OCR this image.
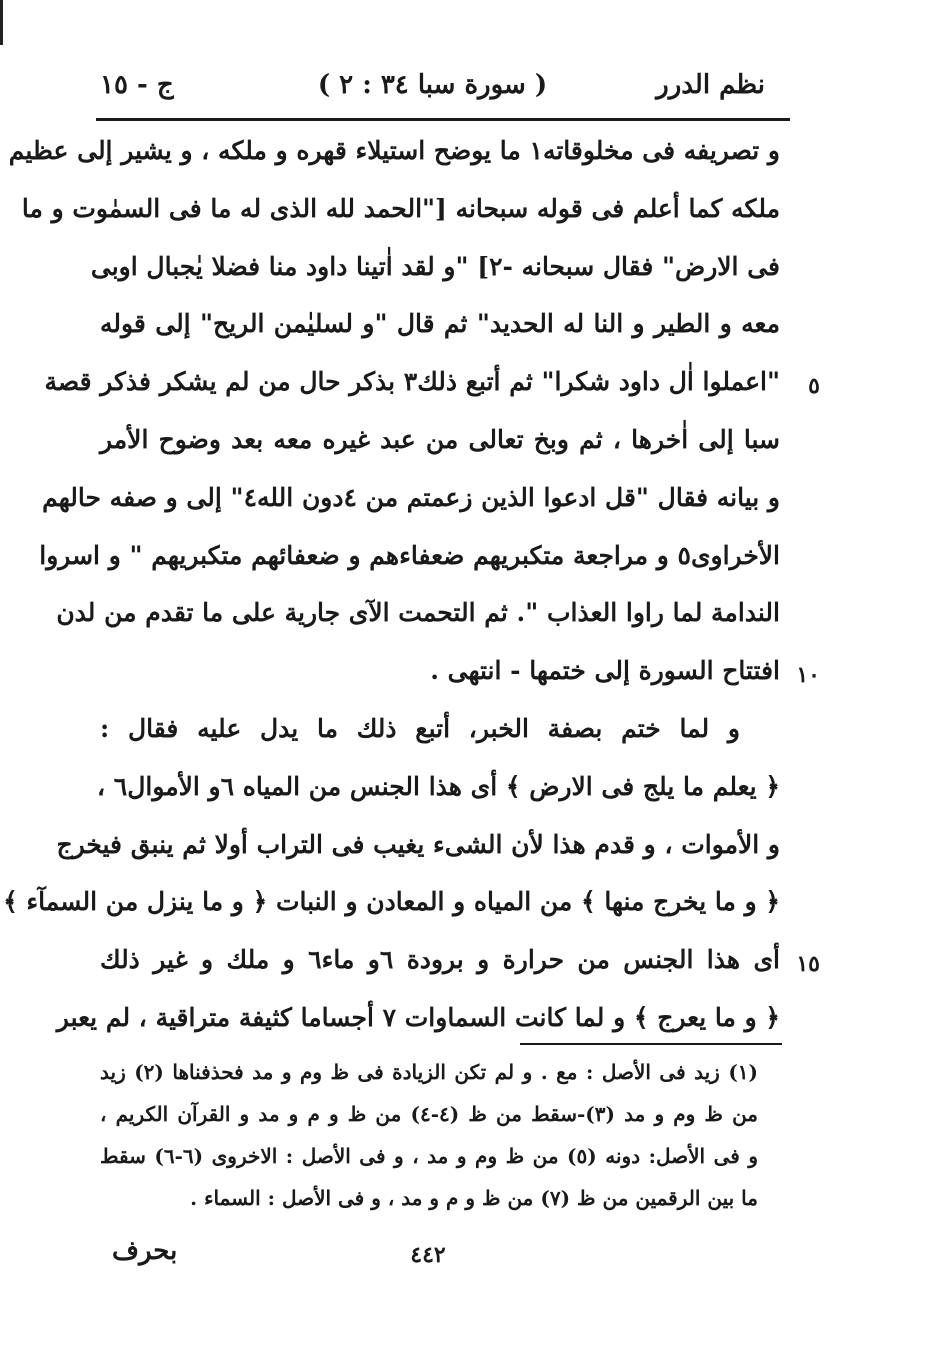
نظم الدرر
( سورة سبا ٣٤ : ٢ )
ج - ١٥
و تصريفه فى مخلوقاته١ ما يوضح استيلاء قهره و ملكه ، و يشير إلى عظيم
ملكه كما أعلم فى قوله سبحانه ["الحمد لله الذى له ما فى السمٰوت و ما
فى الارض" فقال سبحانه -٢] "و لقد اٰتينا داود منا فضلا يٰجبال اوبى
معه و الطير و النا له الحديد" ثم قال "و لسليٰمن الريح" إلى قوله
٥
"اعملوا اٰل داود شكرا" ثم أتبع ذلك٣ بذكر حال من لم يشكر فذكر قصة
سبا إلى اٰخرها ، ثم وبخ تعالى من عبد غيره معه بعد وضوح الأمر
و بيانه فقال "قل ادعوا الذين زعمتم من ٤دون الله٤" إلى و صفه حالهم
الأخراوى٥ و مراجعة متكبريهم ضعفاءهم و ضعفائهم متكبريهم " و اسروا
الندامة لما راوا العذاب ". ثم التحمت الآى جارية على ما تقدم من لدن
١٠
افتتاح السورة إلى ختمها - انتهى .
و لما ختم بصفة الخبر، أتبع ذلك ما يدل عليه فقال :
﴿ يعلم ما يلج فى الارض ﴾ أى هذا الجنس من المياه ٦و الأموال٦ ،
و الأموات ، و قدم هذا لأن الشىء يغيب فى التراب أولا ثم ينبق فيخرج
﴿ و ما يخرج منها ﴾ من المياه و المعادن و النبات ﴿ و ما ينزل من السمآء ﴾
١٥
أى هذا الجنس من حرارة و برودة ٦و ماء٦ و ملك و غير ذلك
﴿ و ما يعرج ﴾ و لما كانت السماوات ٧ أجساما كثيفة متراقية ، لم يعبر
(١) زيد فى الأصل : مع . و لم تكن الزيادة فى ظ وم و مد فحذفناها (٢) زيد
من ظ وم و مد (٣)-سقط من ظ (٤-٤) من ظ و م و مد و القرآن الكريم ،
و فى الأصل: دونه (٥) من ظ وم و مد ، و فى الأصل : الاخروى (٦-٦) سقط
ما بين الرقمين من ظ (٧) من ظ و م و مد ، و فى الأصل : السماء .
٤٤٢
بحرف
